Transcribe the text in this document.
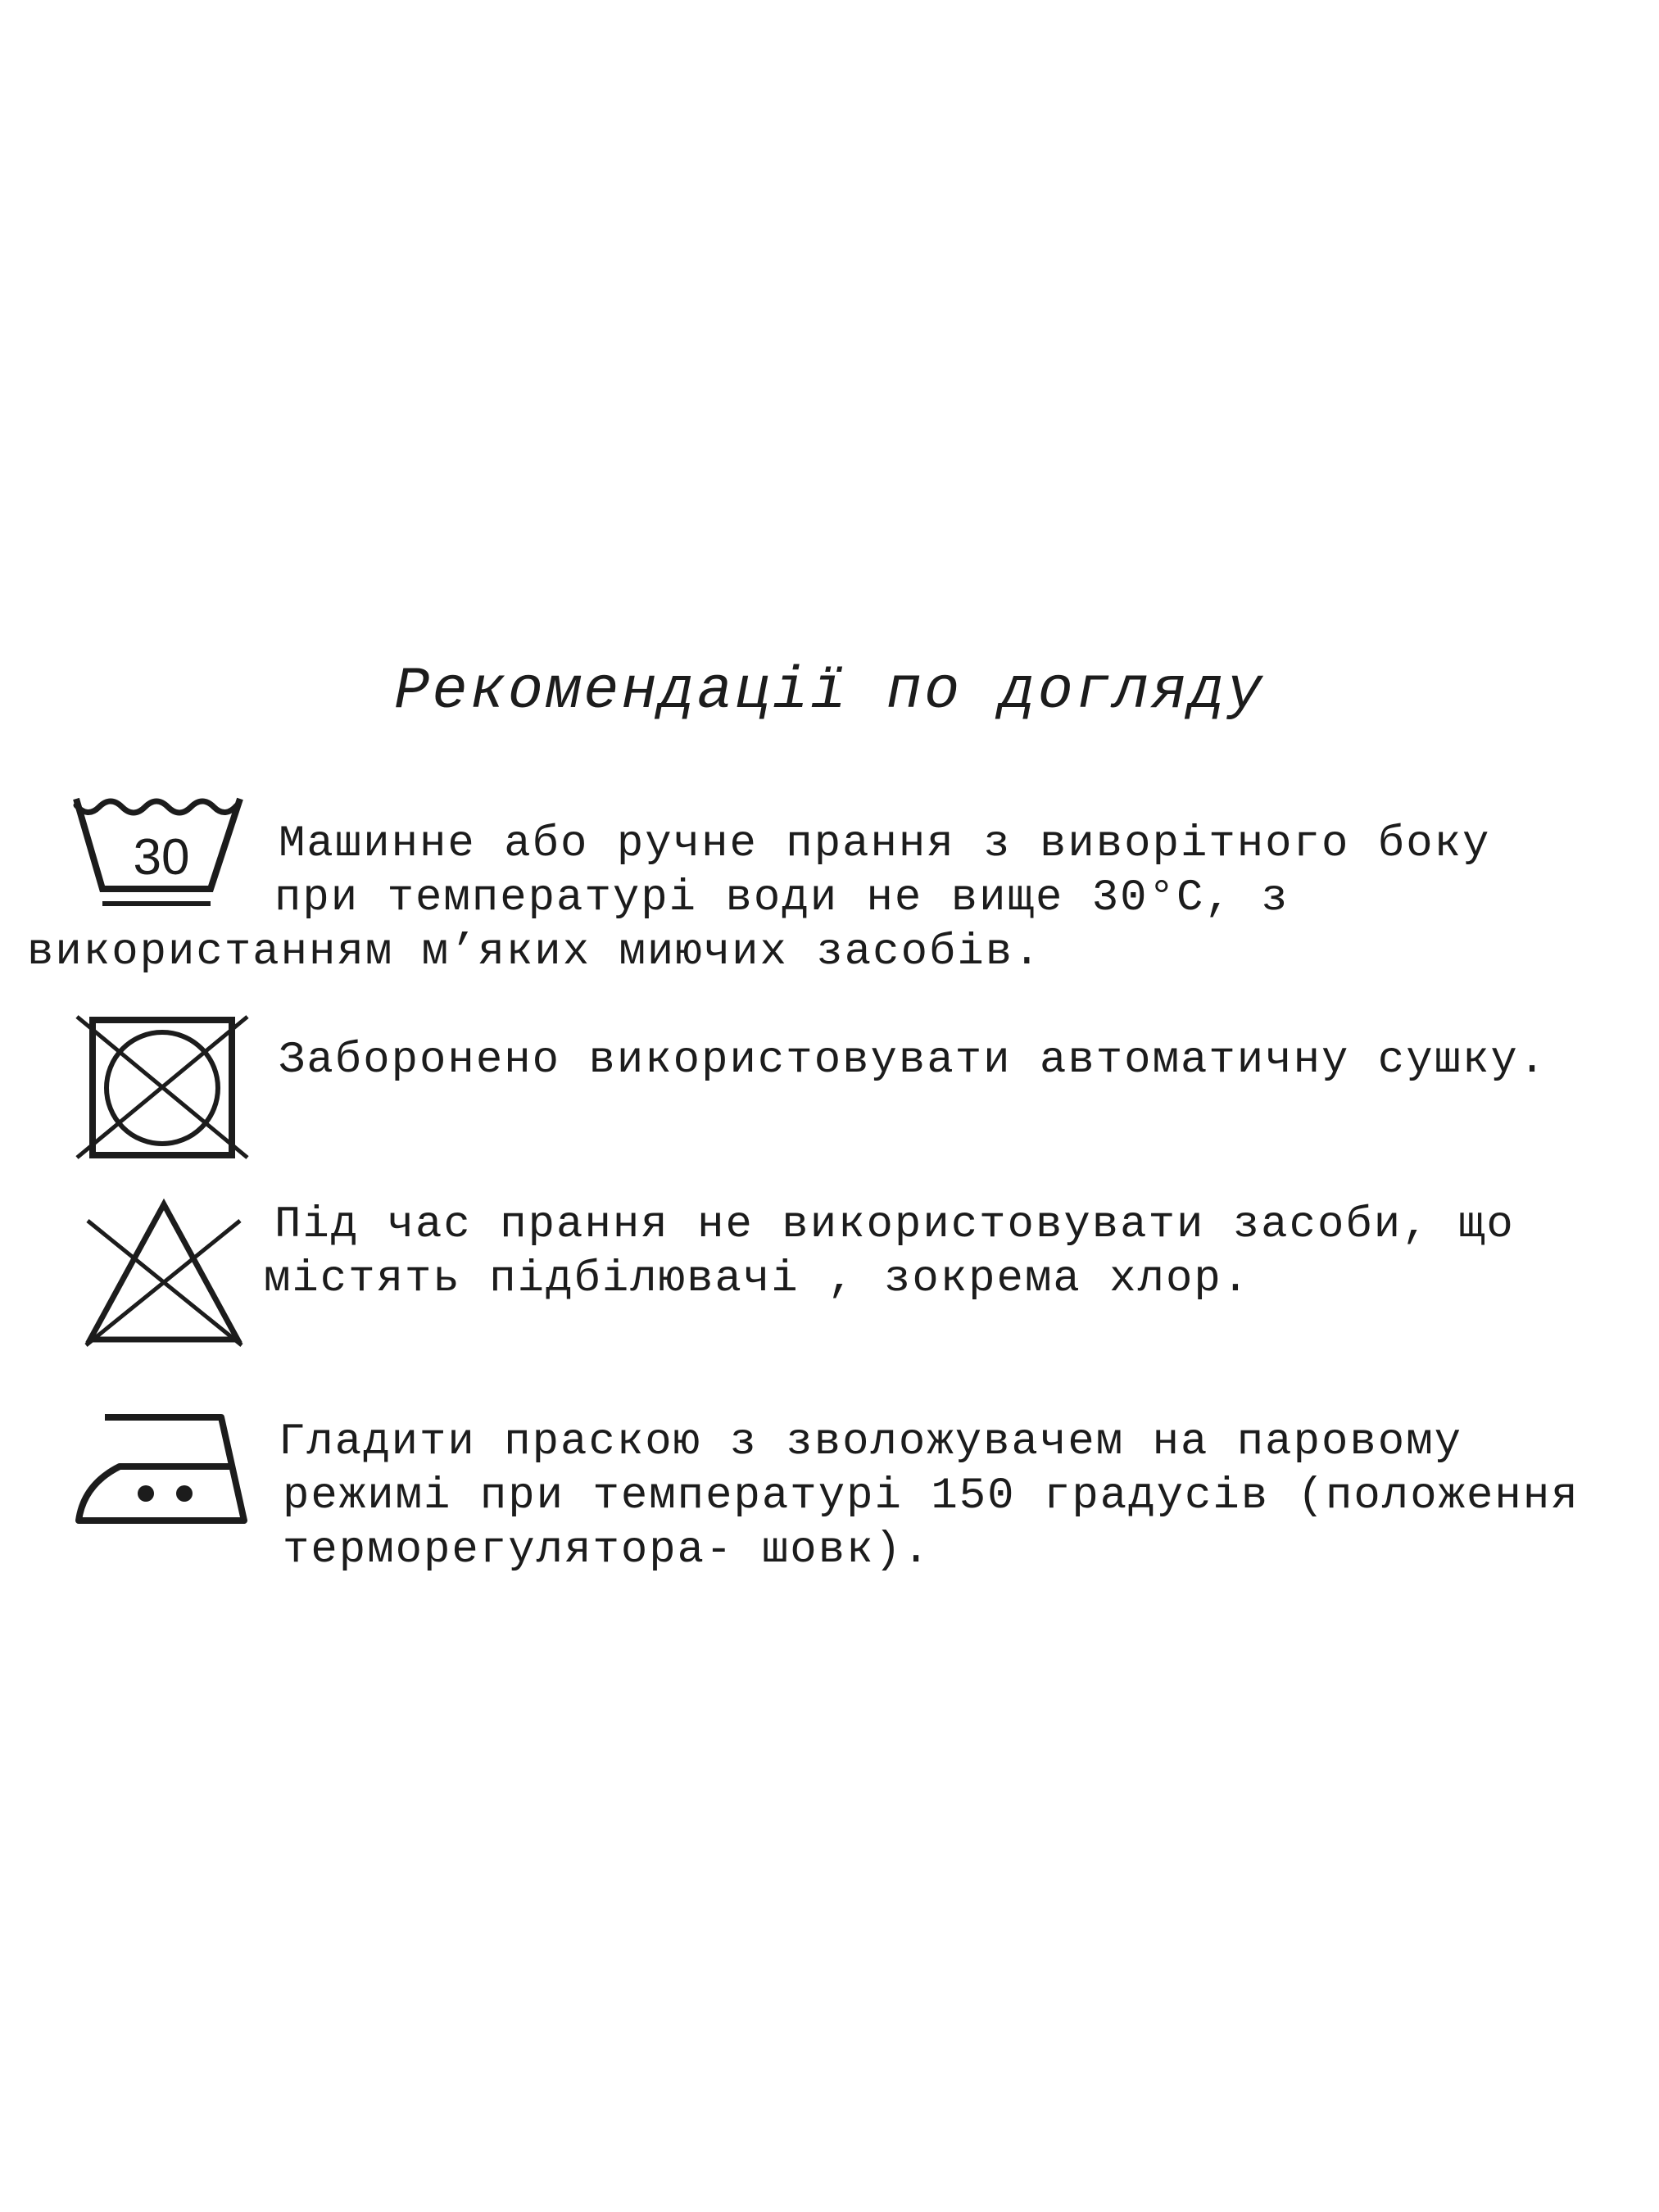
Рекомендації по догляду
30 Машинне або ручне прання з виворітного боку

при температурі води не вище 30°С, з

використанням м’яких миючих засобів.

Заборонено використовувати автоматичну сушку.

Під час прання не використовувати засоби, що

містять підбілювачі , зокрема хлор.

Гладити праскою з зволожувачем на паровому

режимі при температурі 150 градусів (положення

терморегулятора- шовк).
